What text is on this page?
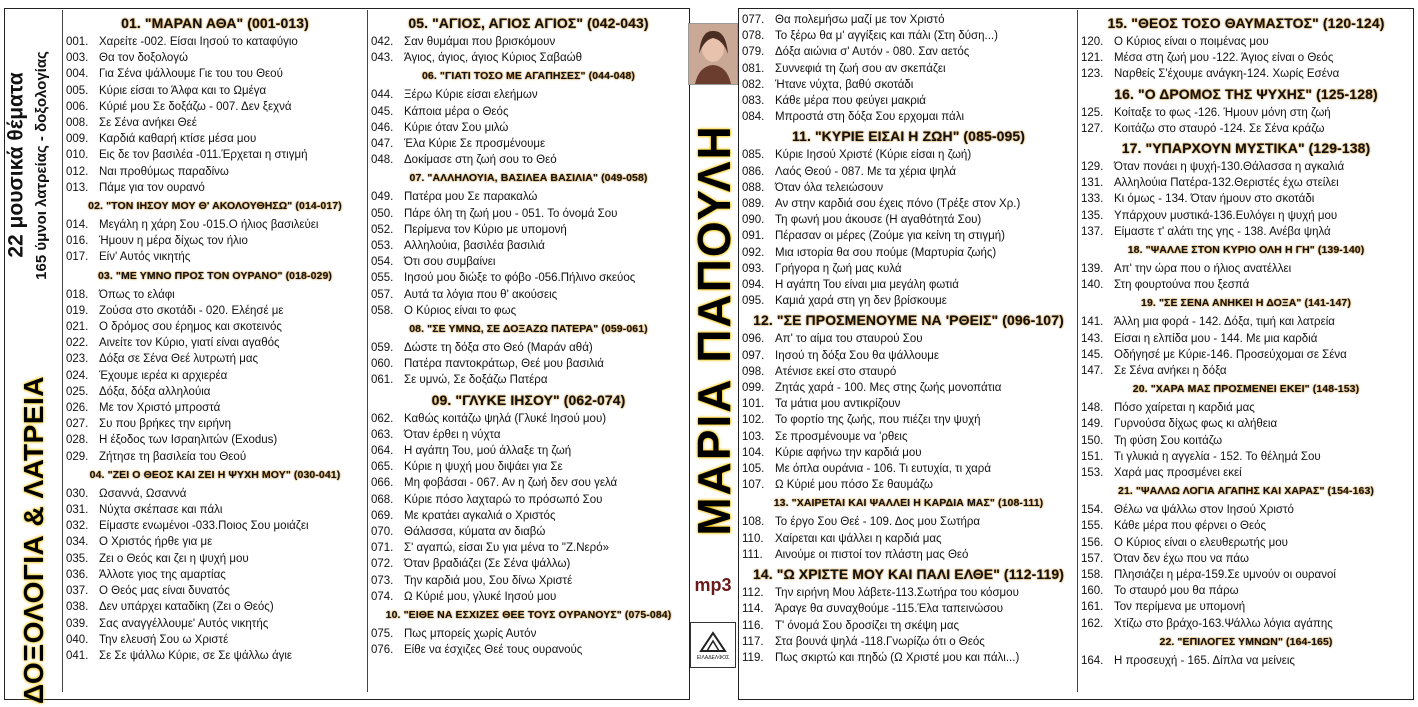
22 μουσικά θέματα 165 ύμνοι λατρείας - δοξολογίας
ΔΟΞΟΛΟΓΙΑ & ΛΑΤΡΕΙΑ
01. "ΜΑΡΑΝ ΑΘΑ" (001-013)
001. Χαρείτε -002. Είσαι Ιησού το καταφύγιο
003. Θα τον δοξολογώ
004. Για Σένα ψάλλουμε Γιε του του Θεού
005. Κύριε είσαι το Άλφα και το Ωμέγα
006. Κύριέ μου Σε δοξάζω - 007. Δεν ξεχνά
008. Σε Σένα ανήκει Θεέ
009. Καρδιά καθαρή κτίσε μέσα μου
010. Εις δε τον βασιλέα -011.Έρχεται η στιγμή
012. Ναι προθύμως παραδίνω
013. Πάμε για τον ουρανό
02. "ΤΟΝ ΙΗΣΟΥ ΜΟΥ Θ' ΑΚΟΛΟΥΘΗΣΩ" (014-017)
014. Μεγάλη η χάρη Σου -015.Ο ήλιος βασιλεύει
016. Ήμουν η μέρα δίχως τον ήλιο
017. Είν' Αυτός νικητής
03. "ΜΕ ΥΜΝΟ ΠΡΟΣ ΤΟΝ ΟΥΡΑΝΟ" (018-029)
018. Όπως το ελάφι
019. Ζούσα στο σκοτάδι - 020. Ελέησέ με
021. Ο δρόμος σου έρημος και σκοτεινός
022. Αινείτε τον Κύριο, γιατί είναι αγαθός
023. Δόξα σε Σένα Θεέ λυτρωτή μας
024. Έχουμε ιερέα κι αρχιερέα
025. Δόξα, δόξα αλληλούια
026. Με τον Χριστό μπροστά
027. Συ που βρήκες την ειρήνη
028. Η έξοδος των Ισραηλιτών (Exodus)
029. Ζήτησε τη βασιλεία του Θεού
04. "ΖΕΙ Ο ΘΕΟΣ ΚΑΙ ΖΕΙ Η ΨΥΧΗ ΜΟΥ" (030-041)
030. Ωσαννά, Ωσαννά
031. Νύχτα σκέπασε και πάλι
032. Είμαστε ενωμένοι -033.Ποιος Σου μοιάζει
034. Ο Χριστός ήρθε για με
035. Ζει ο Θεός και ζει η ψυχή μου
036. Άλλοτε γιος της αμαρτίας
037. Ο Θεός μας είναι δυνατός
038. Δεν υπάρχει καταδίκη (Ζει ο Θεός)
039. Σας αναγγέλλουμε' Αυτός νικητής
040. Την ελευσή Σου ω Χριστέ
041. Σε Σε ψάλλω Κύριε, σε Σε ψάλλω άγιε
05. "ΑΓΙΟΣ, ΑΓΙΟΣ ΑΓΙΟΣ" (042-043)
042. Σαν θυμάμαι που βρισκόμουν
043. Άγιος, άγιος, άγιος Κύριος Σαβαώθ
06. "ΓΙΑΤΙ ΤΟΣΟ ΜΕ ΑΓΑΠΗΣΕΣ" (044-048)
044. Ξέρω Κύριε είσαι ελεήμων
045. Κάποια μέρα ο Θεός
046. Κύριε όταν Σου μιλώ
047. Έλα Κύριε Σε προσμένουμε
048. Δοκίμασε στη ζωή σου το Θεό
07. "ΑΛΛΗΛΟΥΙΑ, ΒΑΣΙΛΕΑ ΒΑΣΙΛΙΑ" (049-058)
049. Πατέρα μου Σε παρακαλώ
050. Πάρε όλη τη ζωή μου - 051. Το όνομά Σου
052. Περίμενα τον Κύριο με υπομονή
053. Αλληλούια, βασιλέα βασιλιά
054. Ότι σου συμβαίνει
055. Ιησού μου διώξε το φόβο -056.Πήλινο σκεύος
057. Αυτά τα λόγια που θ' ακούσεις
058. Ο Κύριος είναι το φως
08. "ΣΕ ΥΜΝΩ, ΣΕ ΔΟΞΑΖΩ ΠΑΤΕΡΑ" (059-061)
059. Δώστε τη δόξα στο Θεό (Μαράν αθά)
060. Πατέρα παντοκράτωρ, Θεέ μου βασιλιά
061. Σε υμνώ, Σε δοξάζω Πατέρα
09. "ΓΛΥΚΕ ΙΗΣΟΥ" (062-074)
062. Καθώς κοιτάζω ψηλά (Γλυκέ Ιησού μου)
063. Όταν έρθει η νύχτα
064. Η αγάπη Του, μού άλλαξε τη ζωή
065. Κύριε η ψυχή μου διψάει για Σε
066. Μη φοβάσαι - 067. Αν η ζωή δεν σου γελά
068. Κύριε πόσο λαχταρώ το πρόσωπό Σου
069. Με κρατάει αγκαλιά ο Χριστός
070. Θάλασσα, κύματα αν διαβώ
071. Σ' αγαπώ, είσαι Συ για μένα το "Ζ.Νερό»
072. Όταν βραδιάζει (Σε Σένα ψάλλω)
073. Την καρδιά μου, Σου δίνω Χριστέ
074. Ω Κύριέ μου, γλυκέ Ιησού μου
10. "ΕΙΘΕ ΝΑ ΕΣΧΙΖΕΣ ΘΕΕ ΤΟΥΣ ΟΥΡΑΝΟΥΣ" (075-084)
075. Πως μπορείς χωρίς Αυτόν
076. Είθε να έσχιζες Θεέ τους ουρανούς
ΜΑΡΙΑ ΠΑΠΟΥΛΗ
mp3
ΕΙΛΑΔΕΛΦΟΣ
077. Θα πολεμήσω μαζί με τον Χριστό
078. Το ξέρω θα μ' αγγίξεις και πάλι (Στη δύση...)
079. Δόξα αιώνια σ' Αυτόν - 080. Σαν αετός
081. Συννεφιά τη ζωή σου αν σκεπάζει
082. Ήτανε νύχτα, βαθύ σκοτάδι
083. Κάθε μέρα που φεύγει μακριά
084. Μπροστά στη δόξα Σου ερχομαι πάλι
11. "ΚΥΡΙΕ ΕΙΣΑΙ Η ΖΩΗ" (085-095)
085. Κύριε Ιησού Χριστέ (Κύριε είσαι η ζωή)
086. Λαός Θεού - 087. Με τα χέρια ψηλά
088. Όταν όλα τελειώσουν
089. Αν στην καρδιά σου έχεις πόνο (Τρέξε στον Χρ.)
090. Τη φωνή μου άκουσε (Η αγαθότητά Σου)
091. Πέρασαν οι μέρες (Ζούμε για κείνη τη στιγμή)
092. Μια ιστορία θα σου πούμε (Μαρτυρία ζωής)
093. Γρήγορα η ζωή μας κυλά
094. Η αγάπη Του είναι μια μεγάλη φωτιά
095. Καμιά χαρά στη γη δεν βρίσκουμε
12. "ΣΕ ΠΡΟΣΜΕΝΟΥΜΕ ΝΑ 'ΡΘΕΙΣ" (096-107)
096. Απ' το αίμα του σταυρού Σου
097. Ιησού τη δόξα Σου θα ψάλλουμε
098. Ατένισε εκεί στο σταυρό
099. Ζητάς χαρά - 100. Μες στης ζωής μονοπάτια
101. Τα μάτια μου αντικρίζουν
102. Το φορτίο της ζωής, που πιέζει την ψυχή
103. Σε προσμένουμε να 'ρθεις
104. Κύριε αφήνω την καρδιά μου
105. Με όπλα ουράνια - 106. Τι ευτυχία, τι χαρά
107. Ω Κύριέ μου πόσο Σε θαυμάζω
13. "ΧΑΙΡΕΤΑΙ ΚΑΙ ΨΑΛΛΕΙ Η ΚΑΡΔΙΑ ΜΑΣ" (108-111)
108. Το έργο Σου Θεέ - 109. Δος μου Σωτήρα
110. Χαίρεται και ψάλλει η καρδιά μας
111. Αινούμε οι πιστοί τον πλάστη μας Θεό
14. "Ω ΧΡΙΣΤΕ ΜΟΥ ΚΑΙ ΠΑΛΙ ΕΛΘΕ" (112-119)
112. Την ειρήνη Μου λάβετε-113.Σωτήρα του κόσμου
114. Άραγε θα συναχθούμε -115.Έλα ταπεινώσου
116. Τ' όνομά Σου δροσίζει τη σκέψη μας
117. Στα βουνά ψηλά -118.Γνωρίζω ότι ο Θεός
119. Πως σκιρτώ και πηδώ (Ω Χριστέ μου και πάλι...)
15. "ΘΕΟΣ ΤΟΣΟ ΘΑΥΜΑΣΤΟΣ" (120-124)
120. Ο Κύριος είναι ο ποιμένας μου
121. Μέσα στη ζωή μου -122. Άγιος είναι ο Θεός
123. Ναρθείς Σ'έχουμε ανάγκη-124. Χωρίς Εσένα
16. "Ο ΔΡΟΜΟΣ ΤΗΣ ΨΥΧΗΣ" (125-128)
125. Κοίταξε το φως -126. Ήμουν μόνη στη ζωή
127. Κοιτάζω στο σταυρό -124. Σε Σένα κράζω
17. "ΥΠΑΡΧΟΥΝ ΜΥΣΤΙΚΑ" (129-138)
129. Όταν πονάει η ψυχή-130.Θάλασσα η αγκαλιά
131. Αλληλούια Πατέρα-132.Θεριστές έχω στείλει
133. Κι όμως - 134. Όταν ήμουν στο σκοτάδι
135. Υπάρχουν μυστικά-136.Ευλόγει η ψυχή μου
137. Είμαστε τ' αλάτι της γης - 138. Ανέβα ψηλά
18. "ΨΑΛΛΕ ΣΤΟΝ ΚΥΡΙΟ ΟΛΗ Η ΓΗ" (139-140)
139. Απ' την ώρα που ο ήλιος ανατέλλει
140. Στη φουρτούνα που ξεσπά
19. "ΣΕ ΣΕΝΑ ΑΝΗΚΕΙ Η ΔΟΞΑ" (141-147)
141. Άλλη μια φορά - 142. Δόξα, τιμή και λατρεία
143. Είσαι η ελπίδα μου - 144. Με μια καρδιά
145. Οδήγησέ με Κύριε-146. Προσεύχομαι σε Σένα
147. Σε Σένα ανήκει η δόξα
20. "ΧΑΡΑ ΜΑΣ ΠΡΟΣΜΕΝΕΙ ΕΚΕΙ" (148-153)
148. Πόσο χαίρεται η καρδιά μας
149. Γυρνούσα δίχως φως κι αλήθεια
150. Τη φύση Σου κοιτάζω
151. Τι γλυκιά η αγγελία - 152. Το θέλημά Σου
153. Χαρά μας προσμένει εκεί
21. "ΨΑΛΛΩ ΛΟΓΙΑ ΑΓΑΠΗΣ ΚΑΙ ΧΑΡΑΣ" (154-163)
154. Θέλω να ψάλλω στον Ιησού Χριστό
155. Κάθε μέρα που φέρνει ο Θεός
156. Ο Κύριος είναι ο ελευθερωτής μου
157. Όταν δεν έχω που να πάω
158. Πλησιάζει η μέρα-159.Σε υμνούν οι ουρανοί
160. Το σταυρό μου θα πάρω
161. Τον περίμενα με υπομονή
162. Χτίζω στο βράχο-163.Ψάλλω λόγια αγάπης
22. "ΕΠΙΛΟΓΕΣ ΥΜΝΩΝ" (164-165)
164. Η προσευχή - 165. Δίπλα να μείνεις
